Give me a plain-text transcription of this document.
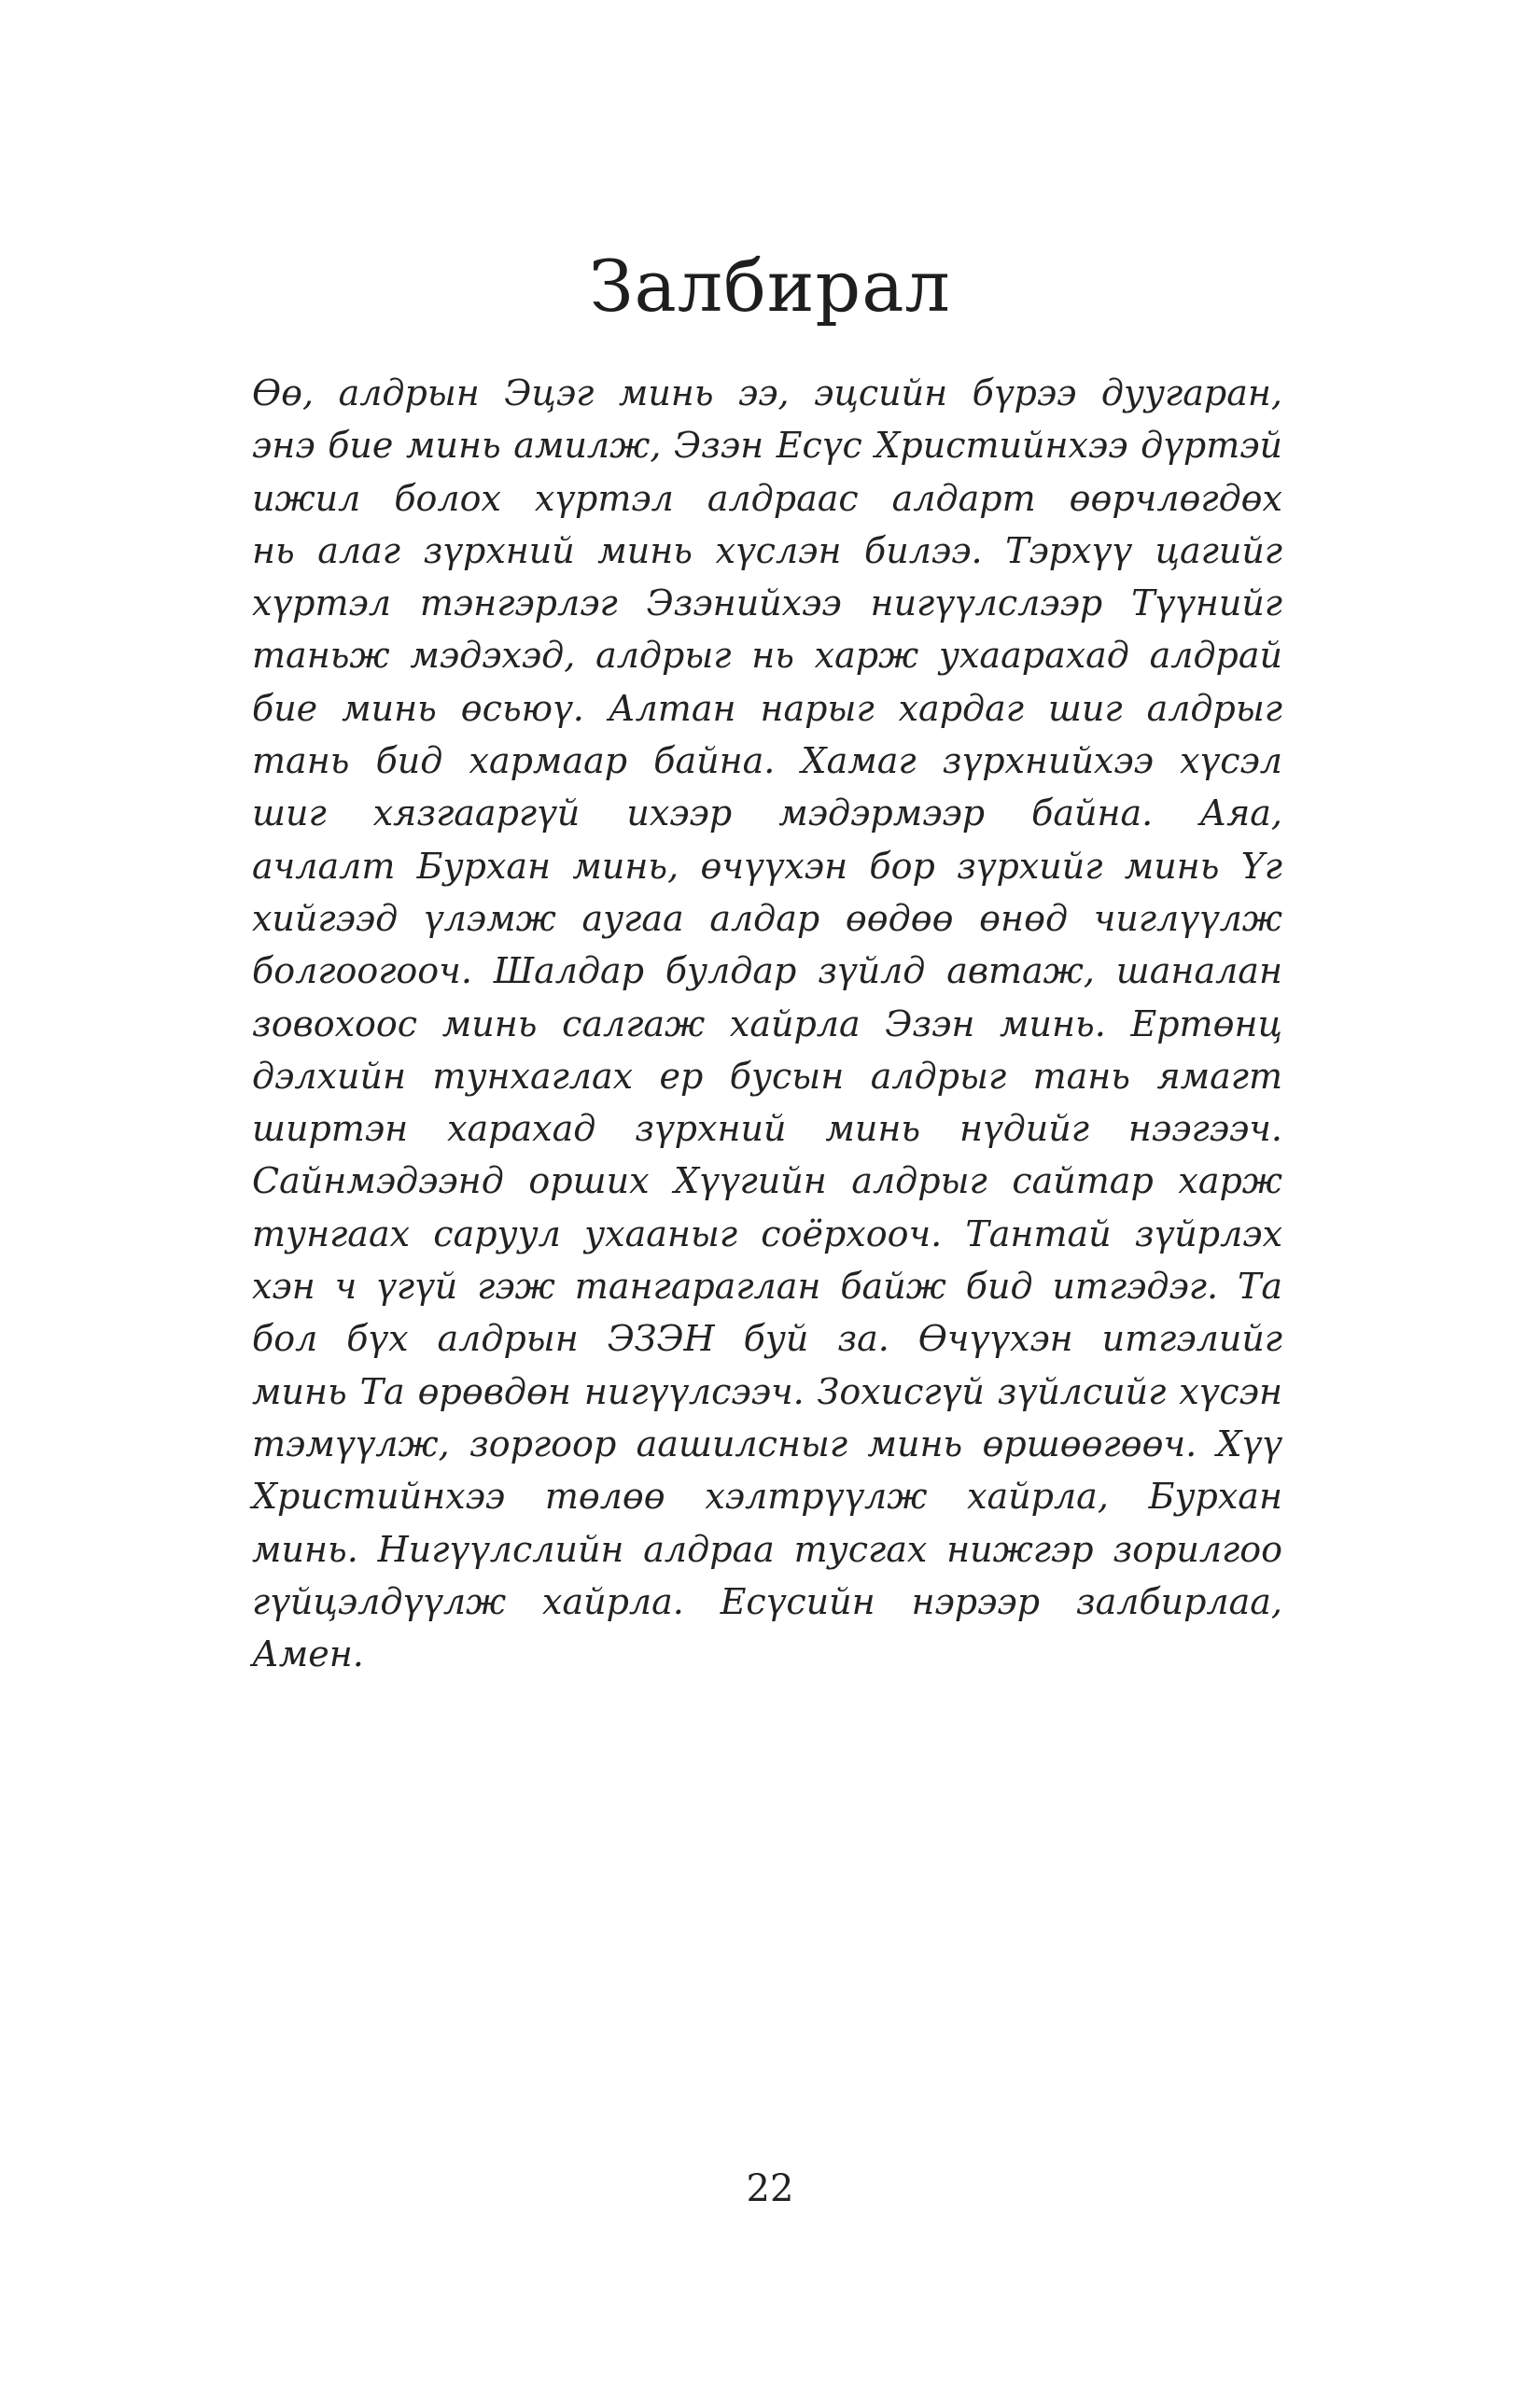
Залбирал
Өө, алдрын Эцэг минь ээ, эцсийн бүрээ дуугаран,
энэ бие минь амилж, Эзэн Есүс Христийнхээ дүртэй
ижил болох хүртэл алдраас алдарт өөрчлөгдөх
нь алаг зүрхний минь хүслэн билээ. Тэрхүү цагийг
хүртэл тэнгэрлэг Эзэнийхээ нигүүлслээр Түүнийг
таньж мэдэхэд, алдрыг нь харж ухаарахад алдрай
бие минь өсьюү. Алтан нарыг хардаг шиг алдрыг
тань бид хармаар байна. Хамаг зүрхнийхээ хүсэл
шиг хязгааргүй ихээр мэдэрмээр байна. Аяа,
ачлалт Бурхан минь, өчүүхэн бор зүрхийг минь Үг
хийгээд үлэмж аугаа алдар өөдөө өнөд чиглүүлж
болгоогооч. Шалдар булдар зүйлд автаж, шаналан
зовохоос минь салгаж хайрла Эзэн минь. Ертөнц
дэлхийн тунхаглах ер бусын алдрыг тань ямагт
ширтэн харахад зүрхний минь нүдийг нээгээч.
Сайнмэдээнд орших Хүүгийн алдрыг сайтар харж
тунгаах саруул ухааныг соёрхооч. Тантай зүйрлэх
хэн ч үгүй гэж тангараглан байж бид итгэдэг. Та
бол бүх алдрын ЭЗЭН буй за. Өчүүхэн итгэлийг
минь Та өрөвдөн нигүүлсээч. Зохисгүй зүйлсийг хүсэн
тэмүүлж, зоргоор аашилсныг минь өршөөгөөч. Хүү
Христийнхээ төлөө хэлтрүүлж хайрла, Бурхан
минь. Нигүүлслийн алдраа тусгах нижгэр зорилгоо
гүйцэлдүүлж хайрла. Есүсийн нэрээр залбирлаа,
Амен.
22
